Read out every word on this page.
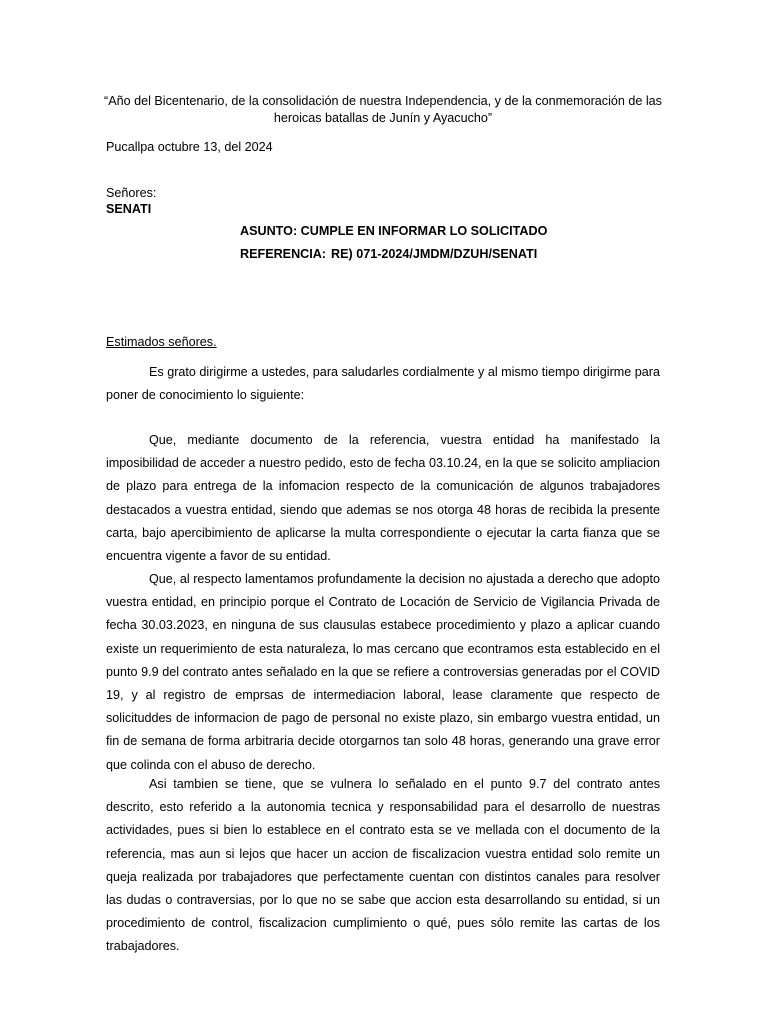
“Año del Bicentenario, de la consolidación de nuestra Independencia, y de la conmemoración de las heroicas batallas de Junín y Ayacucho”
Pucallpa octubre 13, del 2024
Señores:
SENATI
ASUNTO: CUMPLE EN INFORMAR LO SOLICITADO
REFERENCIA: RE) 071-2024/JMDM/DZUH/SENATI
Estimados señores.

Es grato dirigirme a ustedes, para saludarles cordialmente y al mismo tiempo dirigirme para poner de conocimiento lo siguiente:

Que, mediante documento de la referencia, vuestra entidad ha manifestado la imposibilidad de acceder a nuestro pedido, esto de fecha 03.10.24, en la que se solicito ampliacion de plazo para entrega de la infomacion respecto de la comunicación de algunos trabajadores destacados a vuestra entidad, siendo que ademas se nos otorga 48 horas de recibida la presente carta, bajo apercibimiento de aplicarse la multa correspondiente o ejecutar la carta fianza que se encuentra vigente a favor de su entidad.

Que, al respecto lamentamos profundamente la decision no ajustada a derecho que adopto vuestra entidad, en principio porque el Contrato de Locación de Servicio de Vigilancia Privada de fecha 30.03.2023, en ninguna de sus clausulas estabece procedimiento y plazo a aplicar cuando existe un requerimiento de esta naturaleza, lo mas cercano que econtramos esta establecido en el punto 9.9 del contrato antes señalado en la que se refiere a controversias generadas por el COVID 19, y al registro de emprsas de intermediacion laboral, lease claramente que respecto de solicituddes de informacion de pago de personal no existe plazo, sin embargo vuestra entidad, un fin de semana de forma arbitraria decide otorgarnos tan solo 48 horas, generando una grave error que colinda con el abuso de derecho.

Asi tambien se tiene, que se vulnera lo señalado en el punto 9.7 del contrato antes descrito, esto referido a la autonomia tecnica y responsabilidad para el desarrollo de nuestras actividades, pues si bien lo establece en el contrato esta se ve mellada con el documento de la referencia, mas aun si lejos que hacer un accion de fiscalizacion vuestra entidad solo remite un queja realizada por trabajadores que perfectamente cuentan con distintos canales para resolver las dudas o contraversias, por lo que no se sabe que accion esta desarrollando su entidad, si un procedimiento de control, fiscalizacion cumplimiento o qué, pues sólo remite las cartas de los trabajadores.
